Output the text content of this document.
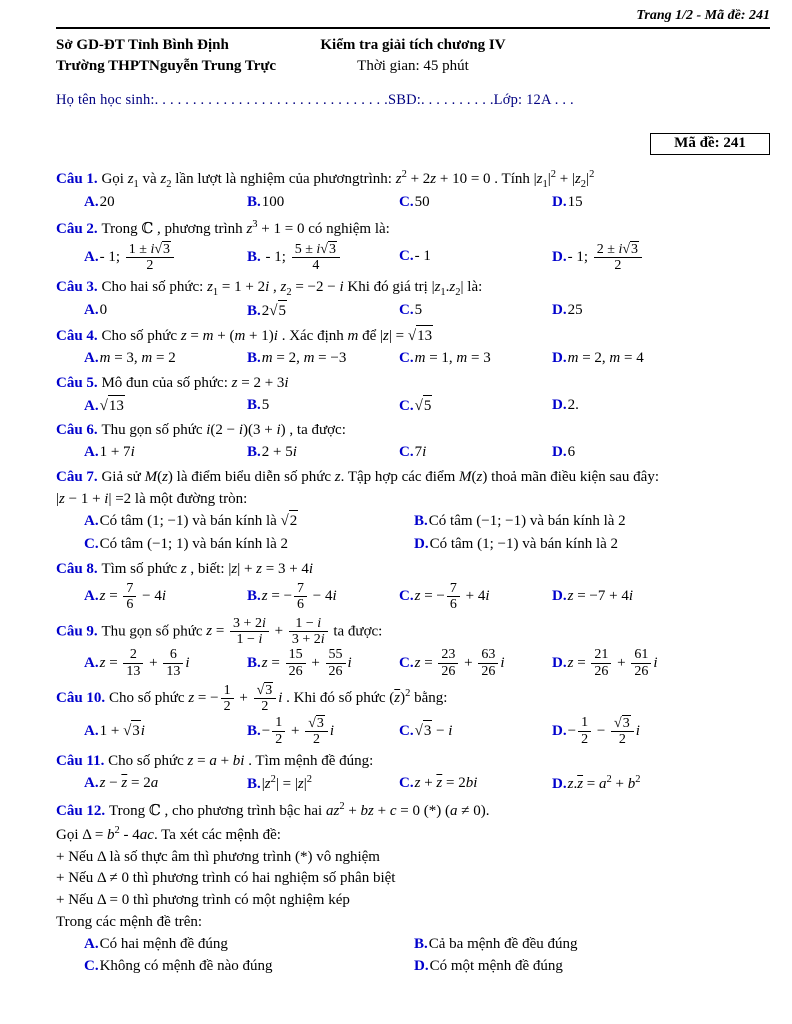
Trang 1/2 - Mã đề: 241
Sở GD-ĐT Tỉnh Bình Định	Kiểm tra giải tích chương IV
Trường THPTNguyễn Trung Trực	Thời gian: 45 phút
Họ tên học sinh:. . . . . . . . . . . . . . . . . . . . . . . . . . . . . . .SBD:. . . . . . . . . .Lớp: 12A . . .
Mã đề: 241
Câu 1. Gọi $z_1$ và $z_2$ lần lượt là nghiệm của phươngtrình: $z^2 + 2z + 10 = 0$ . Tính $|z_1|^2 + |z_2|^2$
A.20	B.100	C.50	D.15
Câu 2. Trong ℂ , phương trình $z^3 + 1 = 0$ có nghiệm là:
A.- 1; $\frac{1 \pm i√3}{2}$	B. - 1; $\frac{5 \pm i√3}{4}$	C.- 1	D.- 1; $\frac{2 \pm i√3}{2}$
Câu 3. Cho hai số phức: $z_1 = 1 + 2i$ , $z_2 = -2 - i$ Khi đó giá trị $|z_1.z_2|$ là:
A.0	B.2√5	C.5	D.25
Câu 4. Cho số phức z = m + (m + 1)i . Xác định m để |z| = √13
A.m = 3, m = 2	B.m = 2, m = −3	C.m = 1, m = 3	D.m = 2, m = 4
Câu 5. Mô đun của số phức: z = 2 + 3i
A.√13	B.5	C.√5	D.2.
Câu 6. Thu gọn số phức i(2 − i)(3 + i) , ta được:
A.1 + 7i	B.2 + 5i	C.7i	D.6
Câu 7. Giả sử M(z) là điểm biểu diễn số phức z. Tập hợp các điểm M(z) thoả mãn điều kiện sau đây:
|z − 1 + i| =2 là một đường tròn:
A.Có tâm (1; −1) và bán kính là √2	B.Có tâm (−1; −1) và bán kính là 2
C.Có tâm (−1; 1) và bán kính là 2	D.Có tâm (1; −1) và bán kính là 2
Câu 8. Tìm số phức z , biết: |z| + z = 3 + 4i
$A.z = \frac{7}{6} - 4i$	B.z = − $\frac{7}{6} - 4i$	C.z = − $\frac{7}{6} + 4i$	D.z = −7 + 4i
Câu 9. Thu gọn số phức $z = \frac{3 + 2i}{1 - i} + \frac{1 - i}{3 + 2i}$ ta được:
$A.z = \frac{2}{13} + \frac{6}{13}$ i	$B.z = \frac{15}{26} + \frac{55}{26}$ i	$C.z = \frac{23}{26} + \frac{63}{26}$ i	$D.z = \frac{21}{26} + \frac{61}{26}$ i
Câu 10. Cho số phức z = − $\frac{1}{2} + \frac{√3}{2}$ i . Khi đó số phức $(\overline{z})^2$ bằng:
A.1 + √3i	$B.- \frac{1}{2} + \frac{√3}{2}$ i	C.√3 − i	$D.- \frac{1}{2} - \frac{√3}{2}$ i
Câu 11. Cho số phức z = a + bi . Tìm mệnh đề đúng:
$A.z - \overline{z} = 2a$	$B.|z^2| = |z|^2$	$C.z + \overline{z} = 2bi$	$D.z.\overline{z} = a^2 + b^2$
Câu 12. Trong ℂ , cho phương trình bậc hai $az^2$ + bz + c = 0 (*) (a ≠ 0).
Gọi $\Delta = b^2 - 4ac$. Ta xét các mệnh đề:
+ Nếu Δ là số thực âm thì phương trình (*) vô nghiệm
+ Nếu Δ ≠ 0 thì phương trình có hai nghiệm số phân biệt
+ Nếu Δ = 0 thì phương trình có một nghiệm kép
Trong các mệnh đề trên:
A.Có hai mệnh đề đúng	B.Cả ba mệnh đề đều đúng
C.Không có mệnh đề nào đúng	D.Có một mệnh đề đúng
